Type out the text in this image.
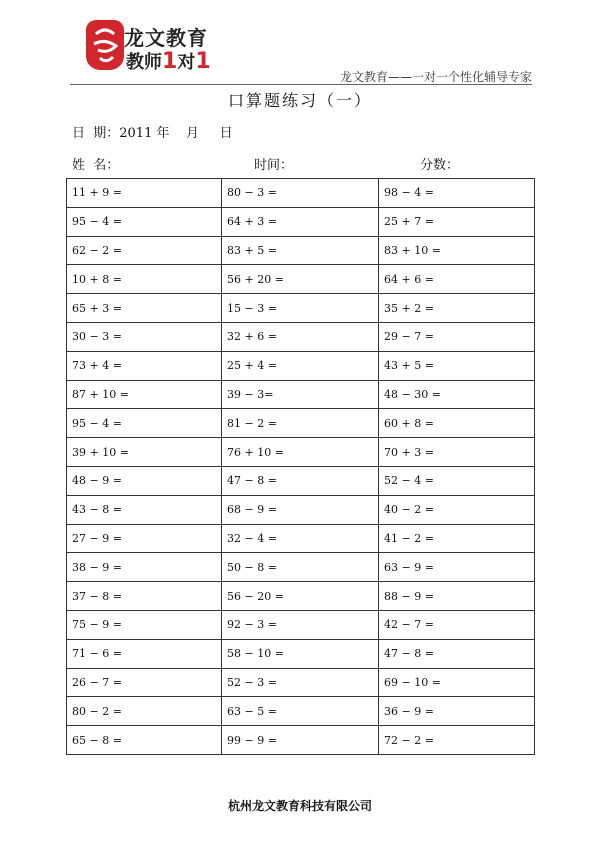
龙文教育
教师1对1
龙文教育——一对一个性化辅导专家
口算题练习（一）
日  期：2011 年    月     日
姓  名：	时间：	分数：
11 + 9 =	80 − 3 =	98 − 4 =
95 − 4 =	64 + 3 =	25 + 7 =
62 − 2 =	83 + 5 =	83 + 10 =
10 + 8 =	56 + 20 =	64 + 6 =
65 + 3 =	15 − 3 =	35 + 2 =
30 − 3 =	32 + 6 =	29 − 7 =
73 + 4 =	25 + 4 =	43 + 5 =
87 + 10 =	39 − 3=	48 − 30 =
95 − 4 =	81 − 2 =	60 + 8 =
39 + 10 =	76 + 10 =	70 + 3 =
48 − 9 =	47 − 8 =	52 − 4 =
43 − 8 =	68 − 9 =	40 − 2 =
27 − 9 =	32 − 4 =	41 − 2 =
38 − 9 =	50 − 8 =	63 − 9 =
37 − 8 =	56 − 20 =	88 − 9 =
75 − 9 =	92 − 3 =	42 − 7 =
71 − 6 =	58 − 10 =	47 − 8 =
26 − 7 =	52 − 3 =	69 − 10 =
80 − 2 =	63 − 5 =	36 − 9 =
65 − 8 =	99 − 9 =	72 − 2 =
杭州龙文教育科技有限公司
